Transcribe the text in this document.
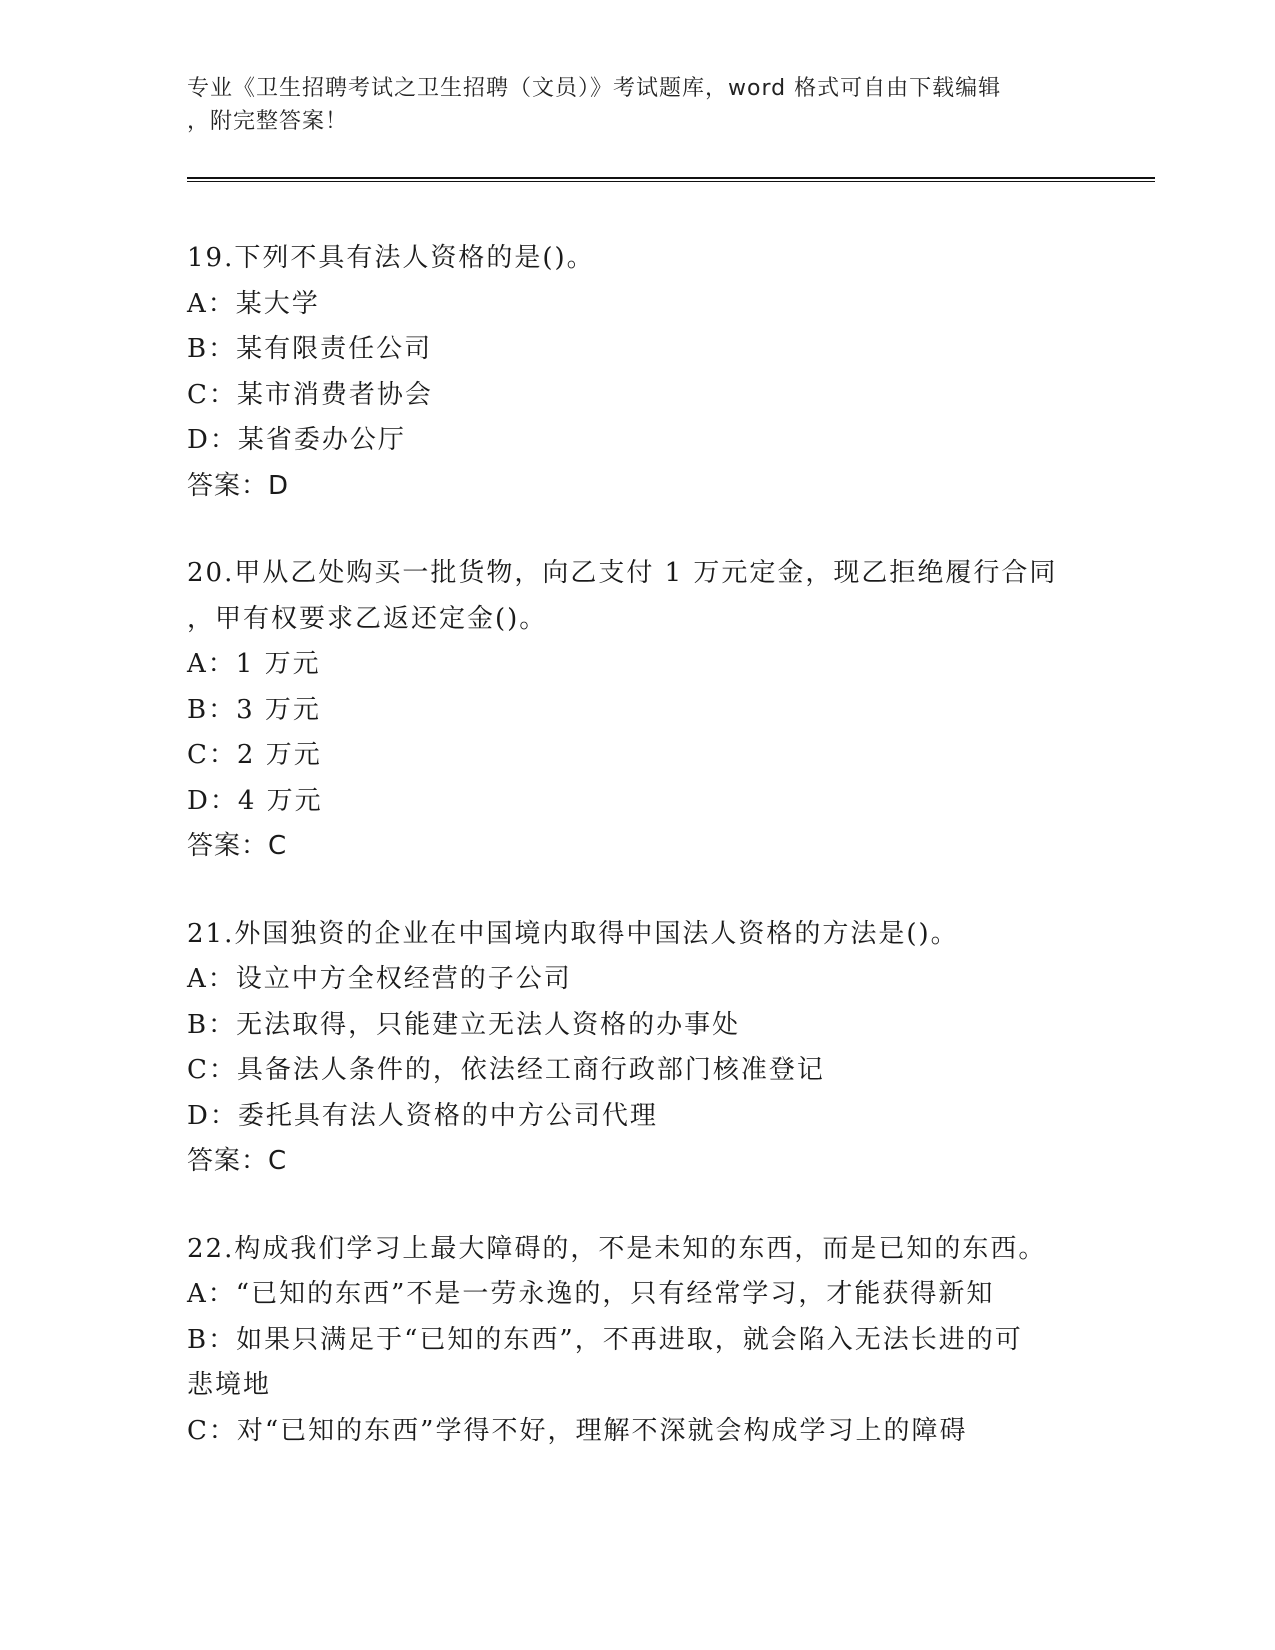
专业《卫生招聘考试之卫生招聘（文员）》考试题库，word 格式可自由下载编辑
，附完整答案！
19.下列不具有法人资格的是()。
A：某大学
B：某有限责任公司
C：某市消费者协会
D：某省委办公厅
答案：D
20.甲从乙处购买一批货物，向乙支付 1 万元定金，现乙拒绝履行合同
，甲有权要求乙返还定金()。
A：1 万元
B：3 万元
C：2 万元
D：4 万元
答案：C
21.外国独资的企业在中国境内取得中国法人资格的方法是()。
A：设立中方全权经营的子公司
B：无法取得，只能建立无法人资格的办事处
C：具备法人条件的，依法经工商行政部门核准登记
D：委托具有法人资格的中方公司代理
答案：C
22.构成我们学习上最大障碍的，不是未知的东西，而是已知的东西。
A：“已知的东西”不是一劳永逸的，只有经常学习，才能获得新知
B：如果只满足于“已知的东西”，不再进取，就会陷入无法长进的可
悲境地
C：对“已知的东西”学得不好，理解不深就会构成学习上的障碍
